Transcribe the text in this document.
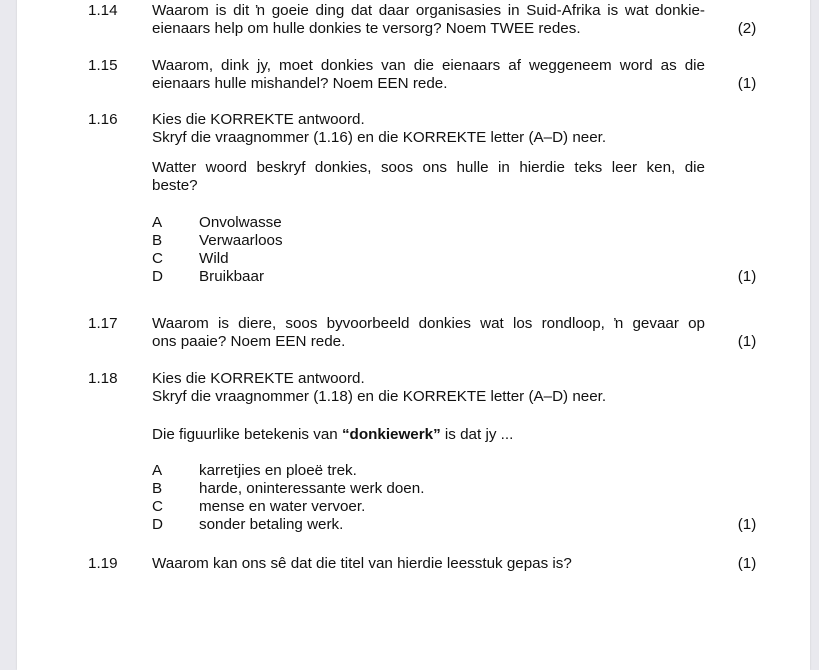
1.14 Waarom is dit ŉ goeie ding dat daar organisasies in Suid-Afrika is wat donkie-
eienaars help om hulle donkies te versorg? Noem TWEE redes.	(2)
1.15 Waarom, dink jy, moet donkies van die eienaars af weggeneem word as die
eienaars hulle mishandel? Noem EEN rede.	(1)
1.16 Kies die KORREKTE antwoord.
Skryf die vraagnommer (1.16) en die KORREKTE letter (A–D) neer.
Watter woord beskryf donkies, soos ons hulle in hierdie teks leer ken, die
beste?
A Onvolwasse
B Verwaarloos
C Wild
D Bruikbaar	(1)
1.17 Waarom is diere, soos byvoorbeeld donkies wat los rondloop, ŉ gevaar op
ons paaie? Noem EEN rede.	(1)
1.18 Kies die KORREKTE antwoord.
Skryf die vraagnommer (1.18) en die KORREKTE letter (A–D) neer.
Die figuurlike betekenis van “donkiewerk” is dat jy ...
A karretjies en ploeë trek.
B harde, oninteressante werk doen.
C mense en water vervoer.
D sonder betaling werk.	(1)
1.19 Waarom kan ons sê dat die titel van hierdie leesstuk gepas is?	(1)
